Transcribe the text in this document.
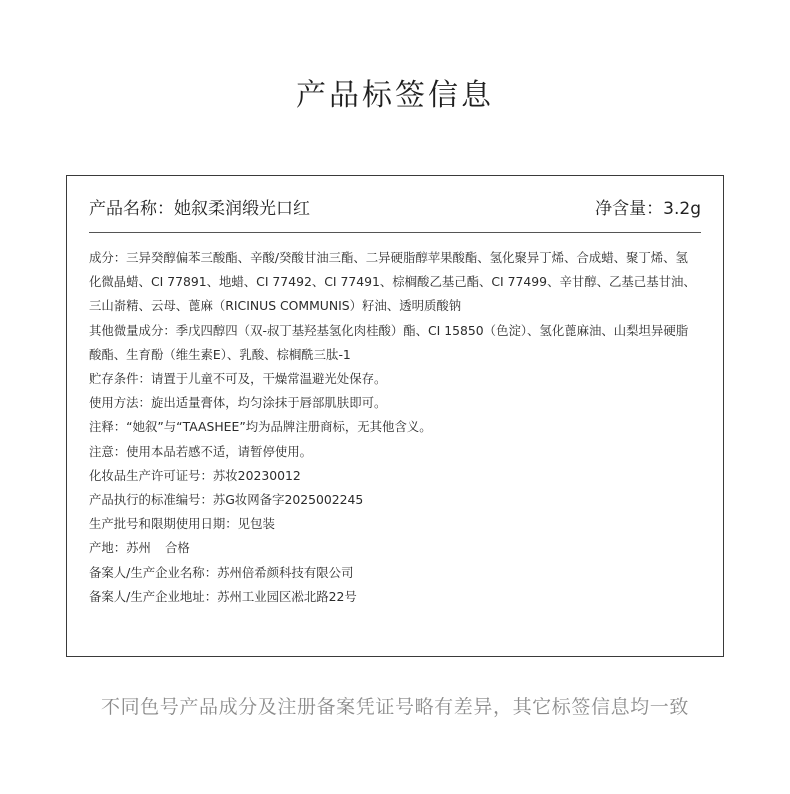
产品标签信息
产品名称：她叙柔润缎光口红	净含量：3.2g

成分：三异癸醇偏苯三酸酯、辛酸/癸酸甘油三酯、二异硬脂醇苹果酸酯、氢化聚异丁烯、合成蜡、聚丁烯、氢化微晶蜡、CI 77891、地蜡、CI 77492、CI 77491、棕榈酸乙基己酯、CI 77499、辛甘醇、乙基己基甘油、三山嵛精、云母、蓖麻（RICINUS COMMUNIS）籽油、透明质酸钠

其他微量成分：季戊四醇四（双-叔丁基羟基氢化肉桂酸）酯、CI 15850（色淀）、氢化蓖麻油、山梨坦异硬脂酸酯、生育酚（维生素E）、乳酸、棕榈酰三肽-1

贮存条件：请置于儿童不可及，干燥常温避光处保存。

使用方法：旋出适量膏体，均匀涂抹于唇部肌肤即可。

注释：“她叙”与“TAASHEE”均为品牌注册商标，无其他含义。

注意：使用本品若感不适，请暂停使用。

化妆品生产许可证号：苏妆20230012

产品执行的标准编号：苏G妆网备字2025002245

生产批号和限期使用日期：见包装

产地：苏州 合格

备案人/生产企业名称：苏州倍希颜科技有限公司

备案人/生产企业地址：苏州工业园区凇北路22号

不同色号产品成分及注册备案凭证号略有差异，其它标签信息均一致
